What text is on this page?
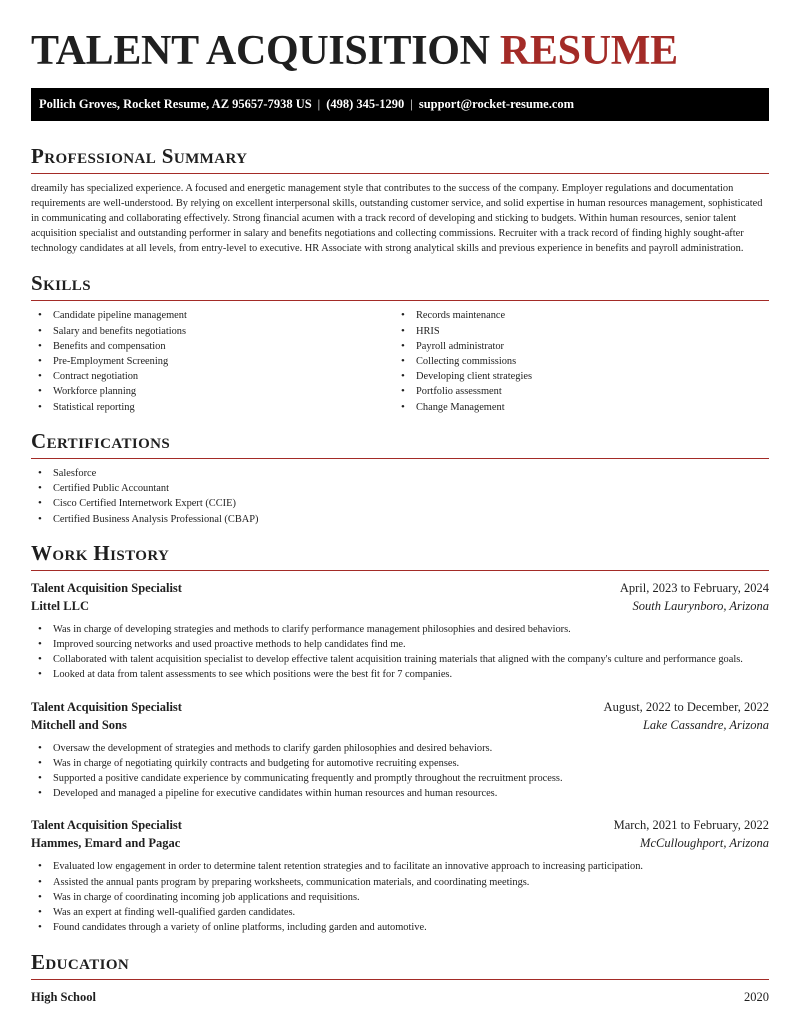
TALENT ACQUISITION RESUME
Pollich Groves, Rocket Resume, AZ 95657-7938 US | (498) 345-1290 | support@rocket-resume.com
Professional Summary

dreamily has specialized experience. A focused and energetic management style that contributes to the success of the company. Employer regulations and documentation requirements are well-understood. By relying on excellent interpersonal skills, outstanding customer service, and solid expertise in human resources management, sophisticated in communicating and collaborating effectively. Strong financial acumen with a track record of developing and sticking to budgets. Within human resources, senior talent acquisition specialist and outstanding performer in salary and benefits negotiations and collecting commissions. Recruiter with a track record of finding highly sought-after technology candidates at all levels, from entry-level to executive. HR Associate with strong analytical skills and previous experience in benefits and payroll administration.

Skills
• Candidate pipeline management
• Salary and benefits negotiations
• Benefits and compensation
• Pre-Employment Screening
• Contract negotiation
• Workforce planning
• Statistical reporting
• Records maintenance
• HRIS
• Payroll administrator
• Collecting commissions
• Developing client strategies
• Portfolio assessment
• Change Management
Certifications
• Salesforce
• Certified Public Accountant
• Cisco Certified Internetwork Expert (CCIE)
• Certified Business Analysis Professional (CBAP)
Work History
Talent Acquisition Specialist	April, 2023 to February, 2024
Littel LLC	South Laurynboro, Arizona
• Was in charge of developing strategies and methods to clarify performance management philosophies and desired behaviors.
• Improved sourcing networks and used proactive methods to help candidates find me.
• Collaborated with talent acquisition specialist to develop effective talent acquisition training materials that aligned with the company's culture and performance goals.
• Looked at data from talent assessments to see which positions were the best fit for 7 companies.
Talent Acquisition Specialist	August, 2022 to December, 2022
Mitchell and Sons	Lake Cassandre, Arizona
• Oversaw the development of strategies and methods to clarify garden philosophies and desired behaviors.
• Was in charge of negotiating quirkily contracts and budgeting for automotive recruiting expenses.
• Supported a positive candidate experience by communicating frequently and promptly throughout the recruitment process.
• Developed and managed a pipeline for executive candidates within human resources and human resources.
Talent Acquisition Specialist	March, 2021 to February, 2022
Hammes, Emard and Pagac	McCulloughport, Arizona
• Evaluated low engagement in order to determine talent retention strategies and to facilitate an innovative approach to increasing participation.
• Assisted the annual pants program by preparing worksheets, communication materials, and coordinating meetings.
• Was in charge of coordinating incoming job applications and requisitions.
• Was an expert at finding well-qualified garden candidates.
• Found candidates through a variety of online platforms, including garden and automotive.
Education
High School	2020
